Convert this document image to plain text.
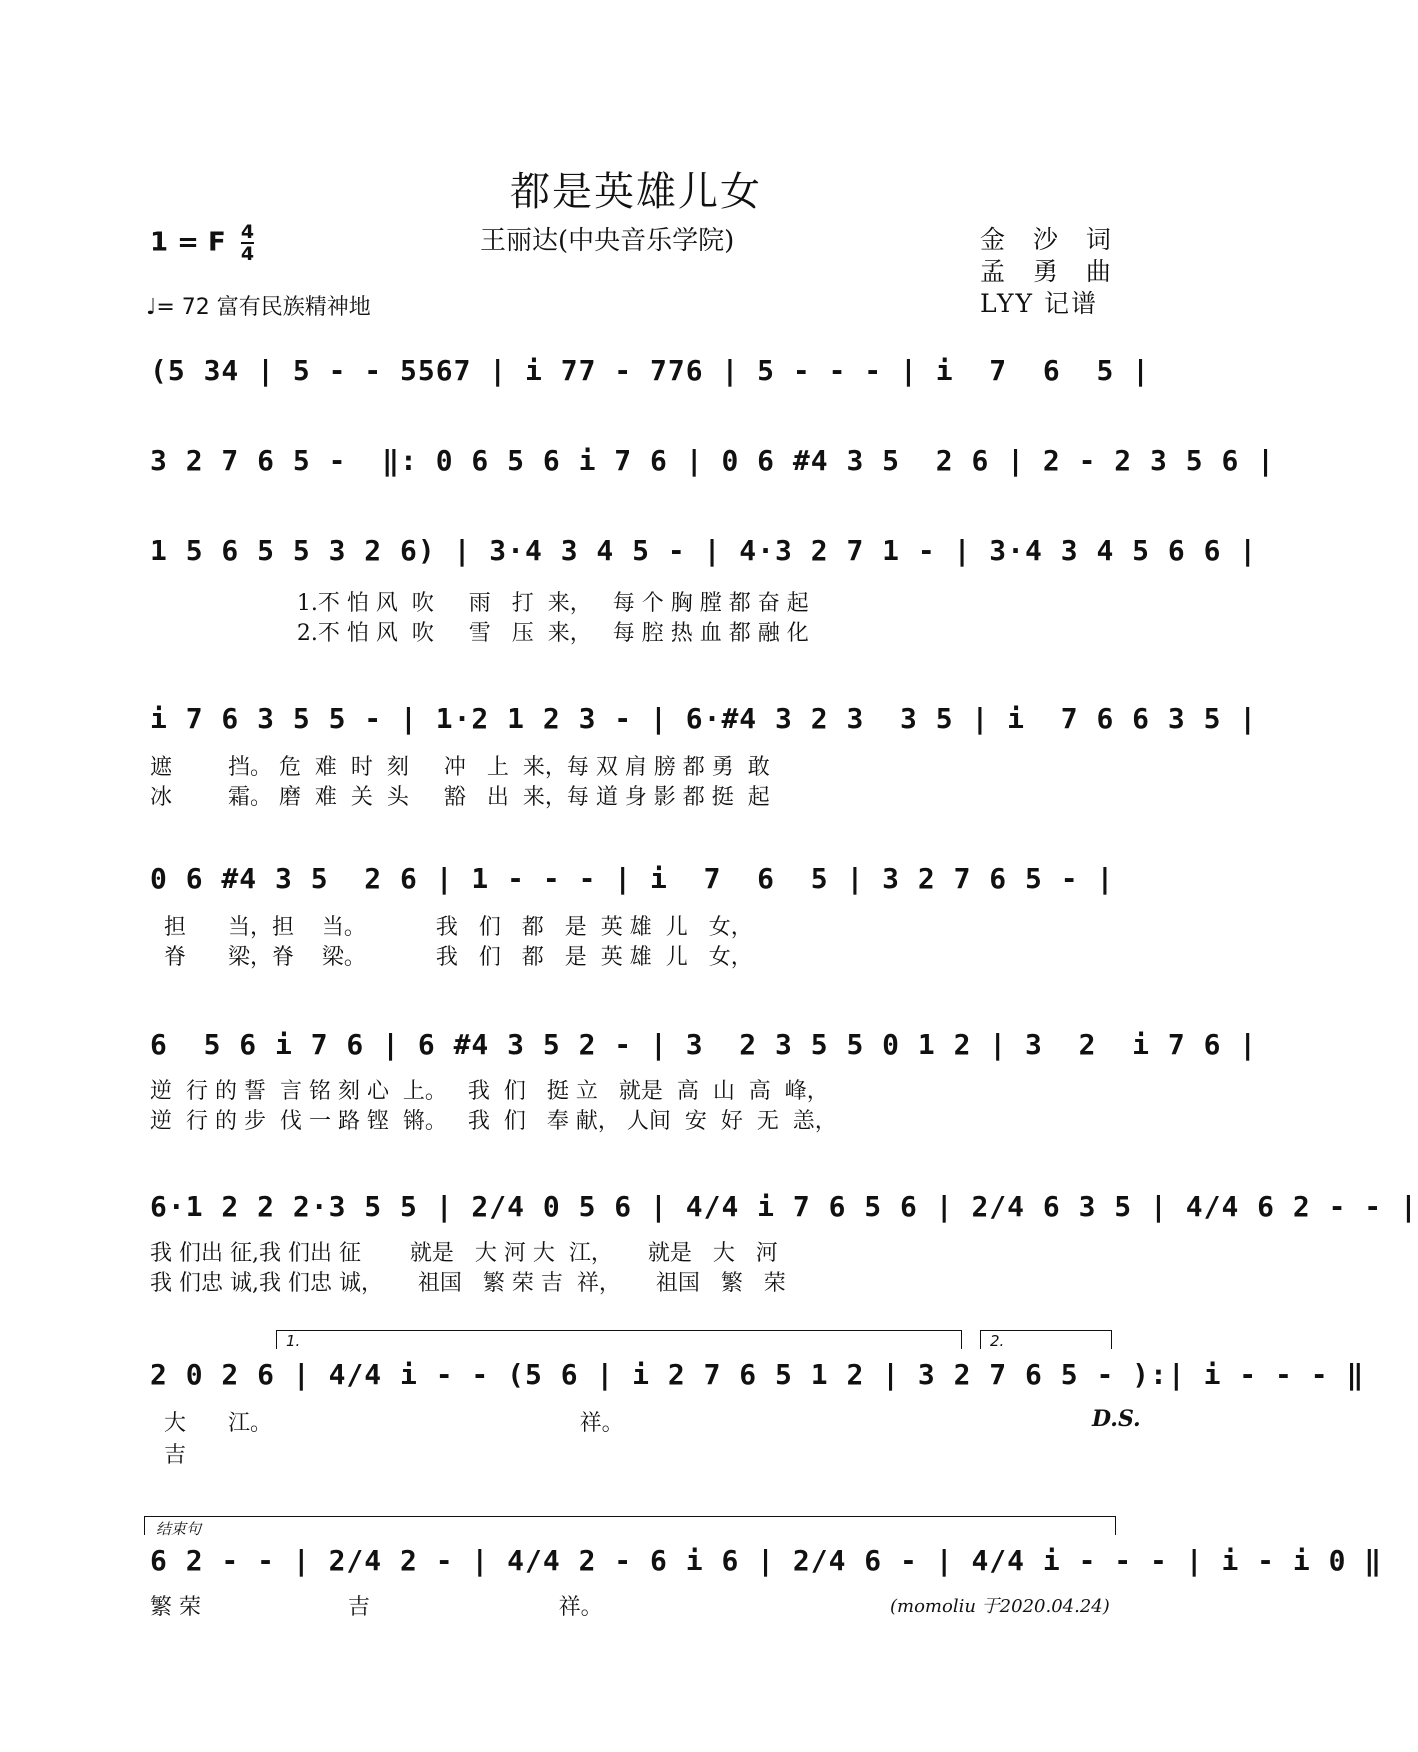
都是英雄儿女
1 = F $\frac{4}{4}$	王丽达(中央音乐学院)	金 沙 词
孟 勇 曲
LYY 记谱
♩= 72 富有民族精神地
(5 34 | 5 - - 5567 | i 77 - 776 | 5 - - - | i  7  6  5 |
3 2 7 6 5 -  ‖: 0 6 5 6 i 7 6 | 0 6 #4 3 5  2 6 | 2 - 2 3 5 6 |
1 5 6 5 5 3 2 6) | 3·4 3 4 5 - | 4·3 2 7 1 - | 3·4 3 4 5 6 6 |
1.不 怕 风  吹     雨   打  来，   每 个 胸 膛 都 奋 起
2.不 怕 风  吹     雪   压  来，   每 腔 热 血 都 融 化
i 7 6 3 5 5 - | 1·2 1 2 3 - | 6·#4 3 2 3  3 5 | i  7 6 6 3 5 |
遮        挡。 危  难  时  刻     冲   上  来，每 双 肩 膀 都 勇  敢
冰        霜。 磨  难  关  头     豁   出  来，每 道 身 影 都 挺  起
0 6 #4 3 5  2 6 | 1 - - - | i  7  6  5 | 3 2 7 6 5 - |
担      当，担    当。          我   们   都   是  英 雄  儿   女，
脊      梁，脊    梁。          我   们   都   是  英 雄  儿   女，
6  5 6 i 7 6 | 6 #4 3 5 2 - | 3  2 3 5 5 0 1 2 | 3  2  i 7 6 |
逆  行 的 誓  言 铭 刻 心  上。   我  们   挺 立   就是  高  山  高  峰，
逆  行 的 步  伐 一 路 铿  锵。   我  们   奉 献， 人间  安  好  无  恙，
6·1 2 2 2·3 5 5 | 2/4 0 5 6 | 4/4 i 7 6 5 6 | 2/4 6 3 5 | 4/4 6 2 - - |
我 们出 征,我 们出 征       就是   大 河 大  江，     就是   大   河
我 们忠 诚,我 们忠 诚，     祖国   繁 荣 吉  祥，     祖国   繁   荣
1.	2.
2 0 2 6 | 4/4 i - - (5 6 | i 2 7 6 5 1 2 | 3 2 7 6 5 - ):| i - - - ‖
大      江。                                            祥。
吉
D.S.
结束句
6 2 - - | 2/4 2 - | 4/4 2 - 6 i 6 | 2/4 6 - | 4/4 i - - - | i - i 0 ‖
繁 荣                     吉                           祥。	(momoliu 于2020.04.24)
